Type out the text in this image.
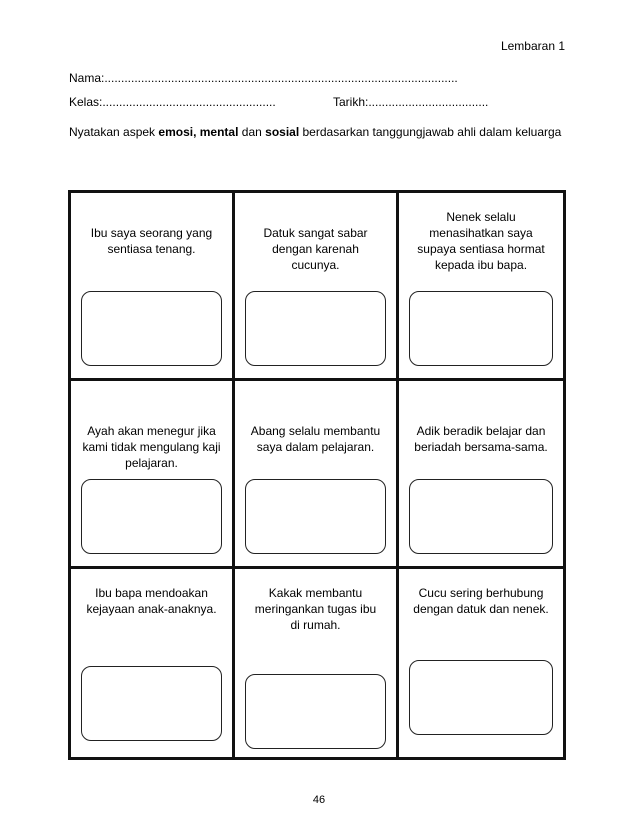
Lembaran 1
Nama:..........................................................................................................
Kelas:....................................................	Tarikh:....................................
Nyatakan aspek emosi, mental dan sosial berdasarkan tanggungjawab ahli dalam keluarga
Ibu saya seorang yang sentiasa tenang.
Datuk sangat sabar dengan karenah cucunya.
Nenek selalu menasihatkan saya supaya sentiasa hormat kepada ibu bapa.
Ayah akan menegur jika kami tidak mengulang kaji pelajaran.
Abang selalu membantu saya dalam pelajaran.
Adik beradik belajar dan beriadah bersama-sama.
Ibu bapa mendoakan kejayaan anak-anaknya.
Kakak membantu meringankan tugas ibu di rumah.
Cucu sering berhubung dengan datuk dan nenek.
46
